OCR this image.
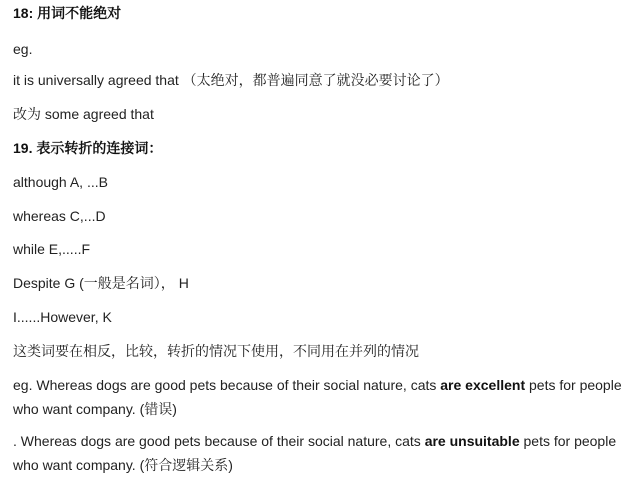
18: 用词不能绝对
eg.
it is universally agreed that （太绝对，都普遍同意了就没必要讨论了）
改为 some agreed that
19. 表示转折的连接词：
although A, ...B
whereas C,...D
while E,.....F
Despite G (一般是名词）， H
I......However, K
这类词要在相反，比较，转折的情况下使用，不同用在并列的情况
eg. Whereas dogs are good pets because of their social nature, cats are excellent pets for people who want company. (错误)
. Whereas dogs are good pets because of their social nature, cats are unsuitable pets for people who want company. (符合逻辑关系)
